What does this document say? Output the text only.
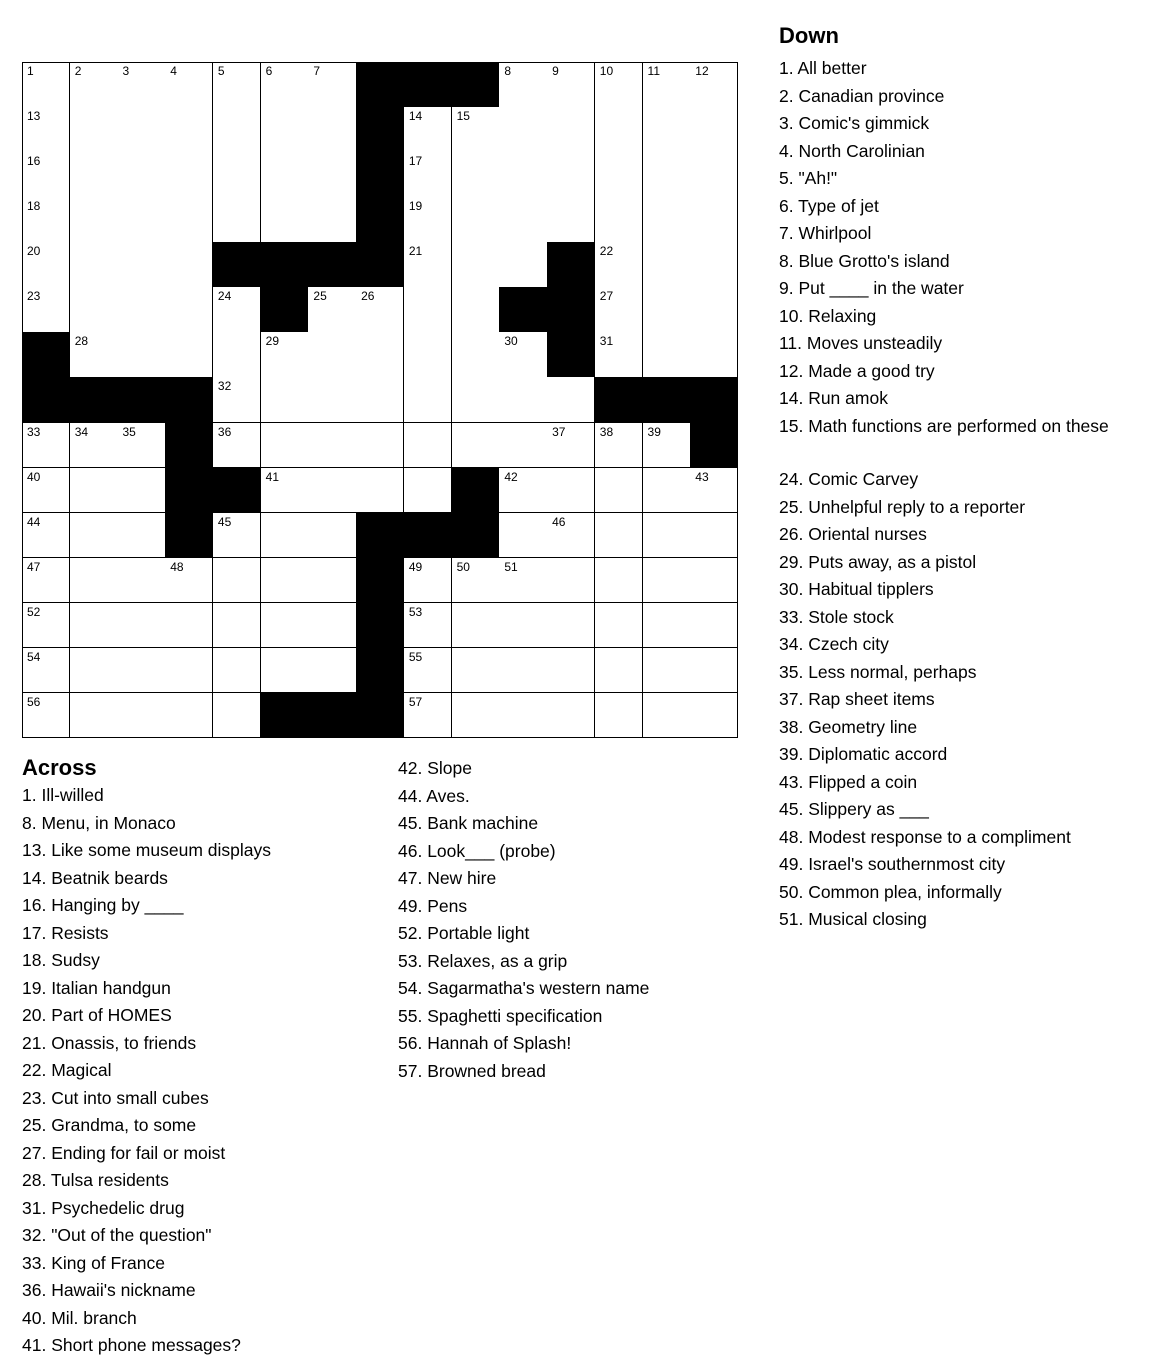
1	2	3	4	5	6	7	8	9	10	11	12
13	14	15
16	17
18	19
20	21	22
23	24	25	26	27
28	29	30	31
32
33	34	35	36	37	38	39
40	41	42	43
44	45	46
47	48	49	50	51
52	53
54	55
56	57
Across
1. Ill-willed
8. Menu, in Monaco
13. Like some museum displays
14. Beatnik beards
16. Hanging by ____
17. Resists
18. Sudsy
19. Italian handgun
20. Part of HOMES
21. Onassis, to friends
22. Magical
23. Cut into small cubes
25. Grandma, to some
27. Ending for fail or moist
28. Tulsa residents
31. Psychedelic drug
32. "Out of the question"
33. King of France
36. Hawaii's nickname
40. Mil. branch
41. Short phone messages?
42. Slope
44. Aves.
45. Bank machine
46. Look___ (probe)
47. New hire
49. Pens
52. Portable light
53. Relaxes, as a grip
54. Sagarmatha's western name
55. Spaghetti specification
56. Hannah of Splash!
57. Browned bread
Down
1. All better
2. Canadian province
3. Comic's gimmick
4. North Carolinian
5. "Ah!"
6. Type of jet
7. Whirlpool
8. Blue Grotto's island
9. Put ____ in the water
10. Relaxing
11. Moves unsteadily
12. Made a good try
14. Run amok
15. Math functions are performed on these
24. Comic Carvey
25. Unhelpful reply to a reporter
26. Oriental nurses
29. Puts away, as a pistol
30. Habitual tipplers
33. Stole stock
34. Czech city
35. Less normal, perhaps
37. Rap sheet items
38. Geometry line
39. Diplomatic accord
43. Flipped a coin
45. Slippery as ___
48. Modest response to a compliment
49. Israel's southernmost city
50. Common plea, informally
51. Musical closing
